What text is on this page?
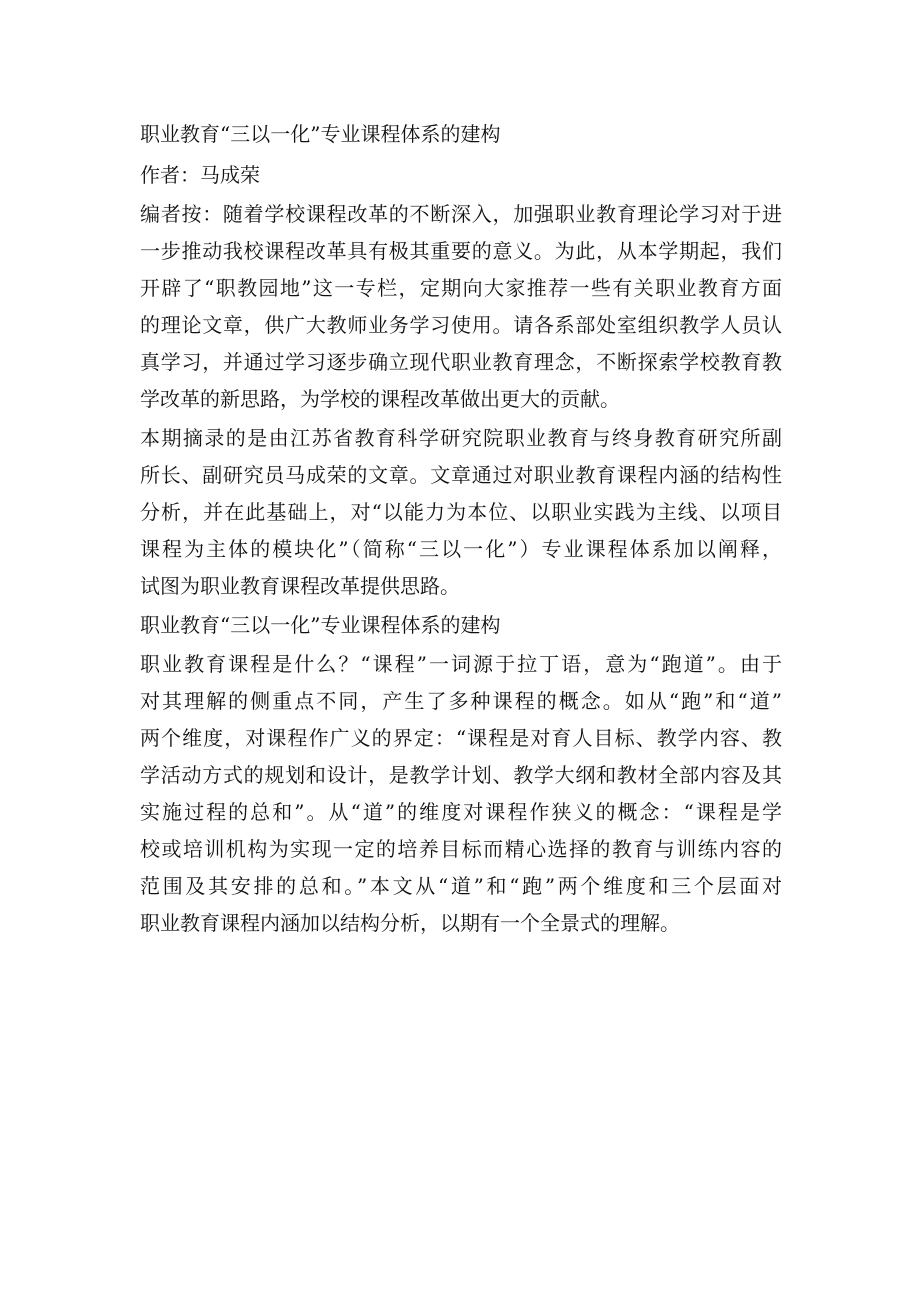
职业教育“三以一化”专业课程体系的建构
作者：马成荣
编者按：随着学校课程改革的不断深入，加强职业教育理论学习对于进
一步推动我校课程改革具有极其重要的意义。为此，从本学期起，我们
开辟了“职教园地”这一专栏，定期向大家推荐一些有关职业教育方面
的理论文章，供广大教师业务学习使用。请各系部处室组织教学人员认
真学习，并通过学习逐步确立现代职业教育理念，不断探索学校教育教
学改革的新思路，为学校的课程改革做出更大的贡献。
本期摘录的是由江苏省教育科学研究院职业教育与终身教育研究所副
所长、副研究员马成荣的文章。文章通过对职业教育课程内涵的结构性
分析，并在此基础上，对“以能力为本位、以职业实践为主线、以项目
课程为主体的模块化”（简称“三以一化”）专业课程体系加以阐释，
试图为职业教育课程改革提供思路。
职业教育“三以一化”专业课程体系的建构
职业教育课程是什么？“课程”一词源于拉丁语，意为“跑道”。由于
对其理解的侧重点不同，产生了多种课程的概念。如从“跑”和“道”
两个维度，对课程作广义的界定：“课程是对育人目标、教学内容、教
学活动方式的规划和设计，是教学计划、教学大纲和教材全部内容及其
实施过程的总和”。从“道”的维度对课程作狭义的概念：“课程是学
校或培训机构为实现一定的培养目标而精心选择的教育与训练内容的
范围及其安排的总和。”本文从“道”和“跑”两个维度和三个层面对
职业教育课程内涵加以结构分析，以期有一个全景式的理解。
